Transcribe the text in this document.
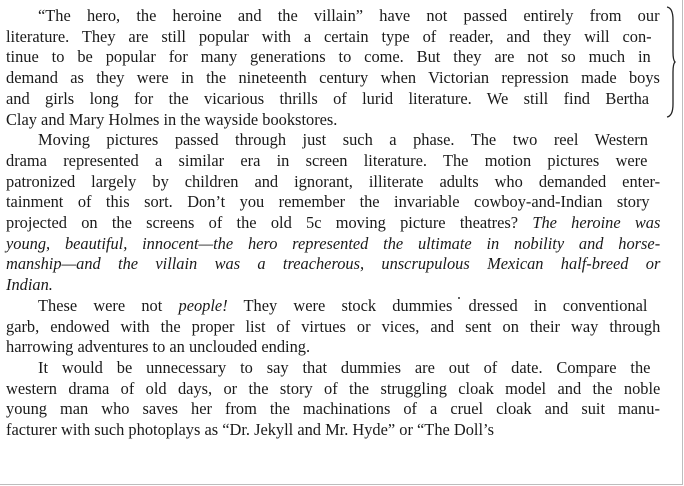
“The hero, the heroine and the villain” have not passed entirely from our
literature. They are still popular with a certain type of reader, and they will con-
tinue to be popular for many generations to come. But they are not so much in
demand as they were in the nineteenth century when Victorian repression made boys
and girls long for the vicarious thrills of lurid literature. We still find Bertha
Clay and Mary Holmes in the wayside bookstores.
Moving pictures passed through just such a phase. The two reel Western
drama represented a similar era in screen literature. The motion pictures were
patronized largely by children and ignorant, illiterate adults who demanded enter-
tainment of this sort. Don’t you remember the invariable cowboy-and-Indian story
projected on the screens of the old 5c moving picture theatres? The heroine was
young, beautiful, innocent—the hero represented the ultimate in nobility and horse-
manship—and the villain was a treacherous, unscrupulous Mexican half-breed or
Indian.
These were not people! They were stock dummies dressed in conventional
garb, endowed with the proper list of virtues or vices, and sent on their way through
harrowing adventures to an unclouded ending.
It would be unnecessary to say that dummies are out of date. Compare the
western drama of old days, or the story of the struggling cloak model and the noble
young man who saves her from the machinations of a cruel cloak and suit manu-
facturer with such photoplays as “Dr. Jekyll and Mr. Hyde” or “The Doll’s
